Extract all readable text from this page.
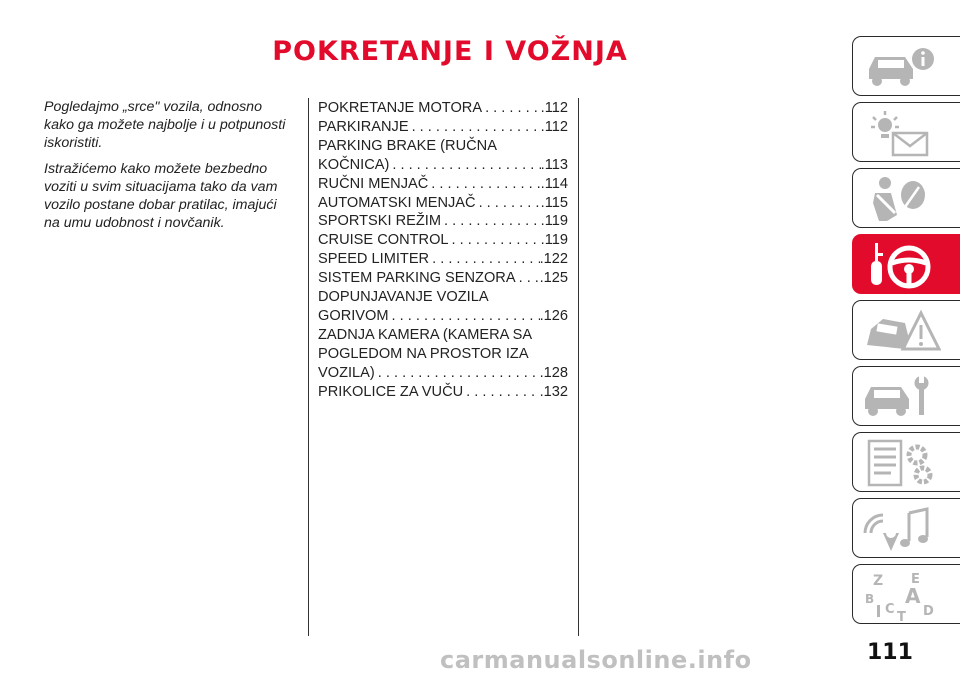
POKRETANJE I VOŽNJA

Pogledajmo „srce" vozila, odnosno kako ga možete najbolje i u potpunosti iskoristiti.

Istražićemo kako možete bezbedno voziti u svim situacijama tako da vam vozilo postane dobar pratilac, imajući na umu udobnost i novčanik.

POKRETANJE MOTORA . . .	.112
PARKIRANJE . . .	.112
PARKING BRAKE (RUČNA
KOČNICA) . . .	.113
RUČNI MENJAČ . . .	.114
AUTOMATSKI MENJAČ . . .	.115
SPORTSKI REŽIM . . .	.119
CRUISE CONTROL . . .	.119
SPEED LIMITER . . .	.122
SISTEM PARKING SENZORA . . . .125
DOPUNJAVANJE VOZILA
GORIVOM . . .	.126
ZADNJA KAMERA (KAMERA SA POGLEDOM NA PROSTOR IZA
VOZILA) . . .	.128
PRIKOLICE ZA VUČU . . .	.132
Z E
B A
C D
T
111
carmanualsonline.info
